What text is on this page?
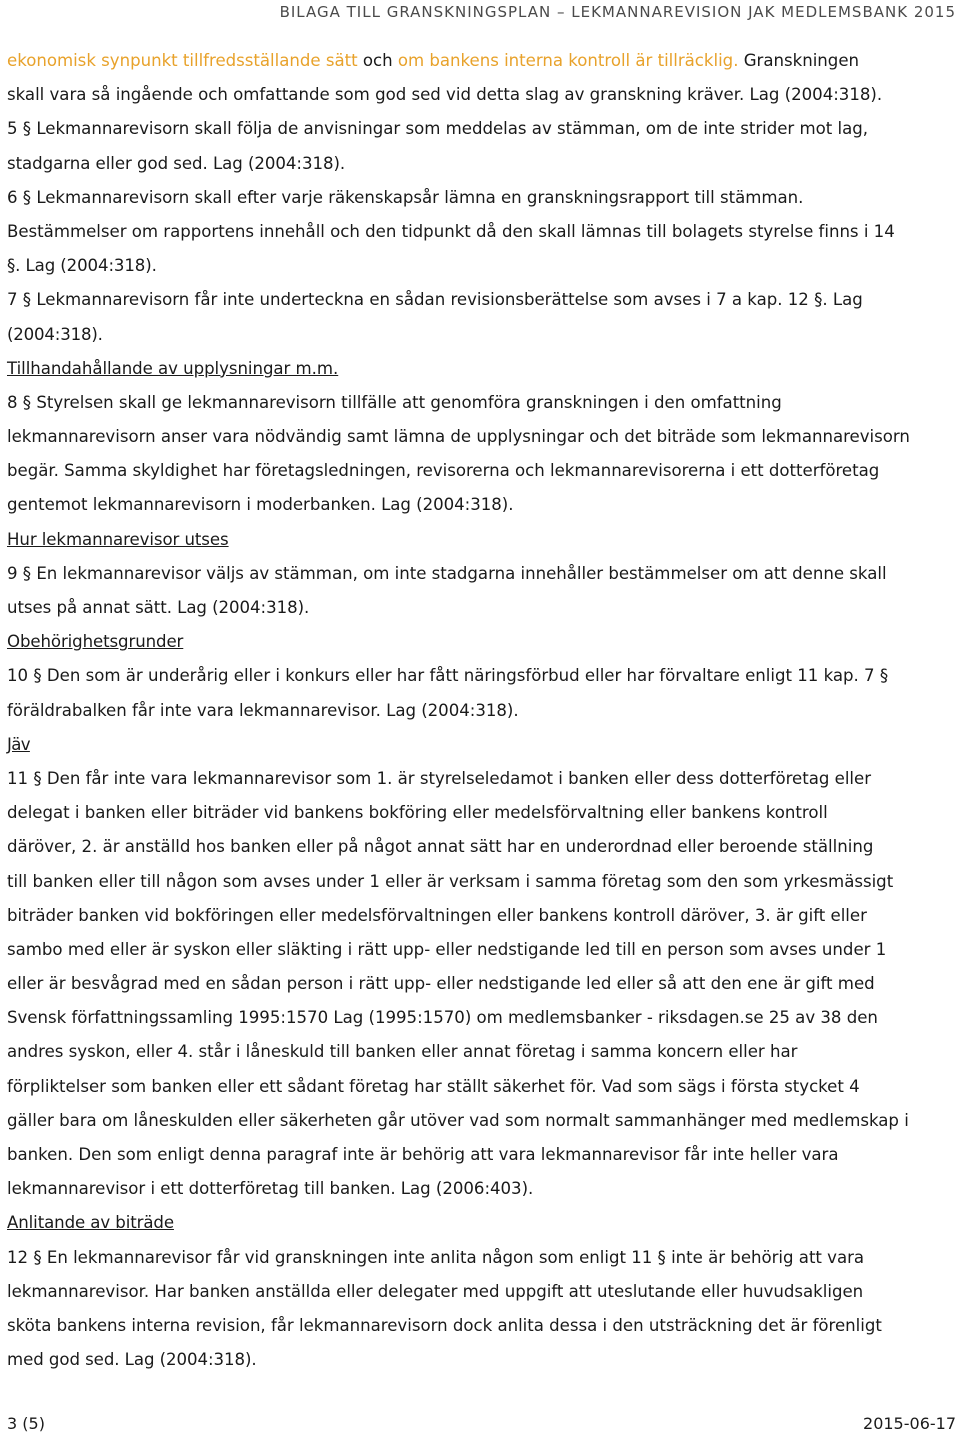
BILAGA TILL GRANSKNINGSPLAN – LEKMANNAREVISION JAK MEDLEMSBANK 2015
ekonomisk synpunkt tillfredsställande sätt och om bankens interna kontroll är tillräcklig. Granskningen
skall vara så ingående och omfattande som god sed vid detta slag av granskning kräver. Lag (2004:318).
5 § Lekmannarevisorn skall följa de anvisningar som meddelas av stämman, om de inte strider mot lag,
stadgarna eller god sed. Lag (2004:318).
6 § Lekmannarevisorn skall efter varje räkenskapsår lämna en granskningsrapport till stämman.
Bestämmelser om rapportens innehåll och den tidpunkt då den skall lämnas till bolagets styrelse finns i 14
§. Lag (2004:318).
7 § Lekmannarevisorn får inte underteckna en sådan revisionsberättelse som avses i 7 a kap. 12 §. Lag
(2004:318).
Tillhandahållande av upplysningar m.m.
8 § Styrelsen skall ge lekmannarevisorn tillfälle att genomföra granskningen i den omfattning
lekmannarevisorn anser vara nödvändig samt lämna de upplysningar och det biträde som lekmannarevisorn
begär. Samma skyldighet har företagsledningen, revisorerna och lekmannarevisorerna i ett dotterföretag
gentemot lekmannarevisorn i moderbanken. Lag (2004:318).
Hur lekmannarevisor utses
9 § En lekmannarevisor väljs av stämman, om inte stadgarna innehåller bestämmelser om att denne skall
utses på annat sätt. Lag (2004:318).
Obehörighetsgrunder
10 § Den som är underårig eller i konkurs eller har fått näringsförbud eller har förvaltare enligt 11 kap. 7 §
föräldrabalken får inte vara lekmannarevisor. Lag (2004:318).
Jäv
11 § Den får inte vara lekmannarevisor som 1. är styrelseledamot i banken eller dess dotterföretag eller
delegat i banken eller biträder vid bankens bokföring eller medelsförvaltning eller bankens kontroll
däröver, 2. är anställd hos banken eller på något annat sätt har en underordnad eller beroende ställning
till banken eller till någon som avses under 1 eller är verksam i samma företag som den som yrkesmässigt
biträder banken vid bokföringen eller medelsförvaltningen eller bankens kontroll däröver, 3. är gift eller
sambo med eller är syskon eller släkting i rätt upp- eller nedstigande led till en person som avses under 1
eller är besvågrad med en sådan person i rätt upp- eller nedstigande led eller så att den ene är gift med
Svensk författningssamling 1995:1570 Lag (1995:1570) om medlemsbanker - riksdagen.se 25 av 38 den
andres syskon, eller 4. står i låneskuld till banken eller annat företag i samma koncern eller har
förpliktelser som banken eller ett sådant företag har ställt säkerhet för. Vad som sägs i första stycket 4
gäller bara om låneskulden eller säkerheten går utöver vad som normalt sammanhänger med medlemskap i
banken. Den som enligt denna paragraf inte är behörig att vara lekmannarevisor får inte heller vara
lekmannarevisor i ett dotterföretag till banken. Lag (2006:403).
Anlitande av biträde
12 § En lekmannarevisor får vid granskningen inte anlita någon som enligt 11 § inte är behörig att vara
lekmannarevisor. Har banken anställda eller delegater med uppgift att uteslutande eller huvudsakligen
sköta bankens interna revision, får lekmannarevisorn dock anlita dessa i den utsträckning det är förenligt
med god sed. Lag (2004:318).
3 (5)	2015-06-17
